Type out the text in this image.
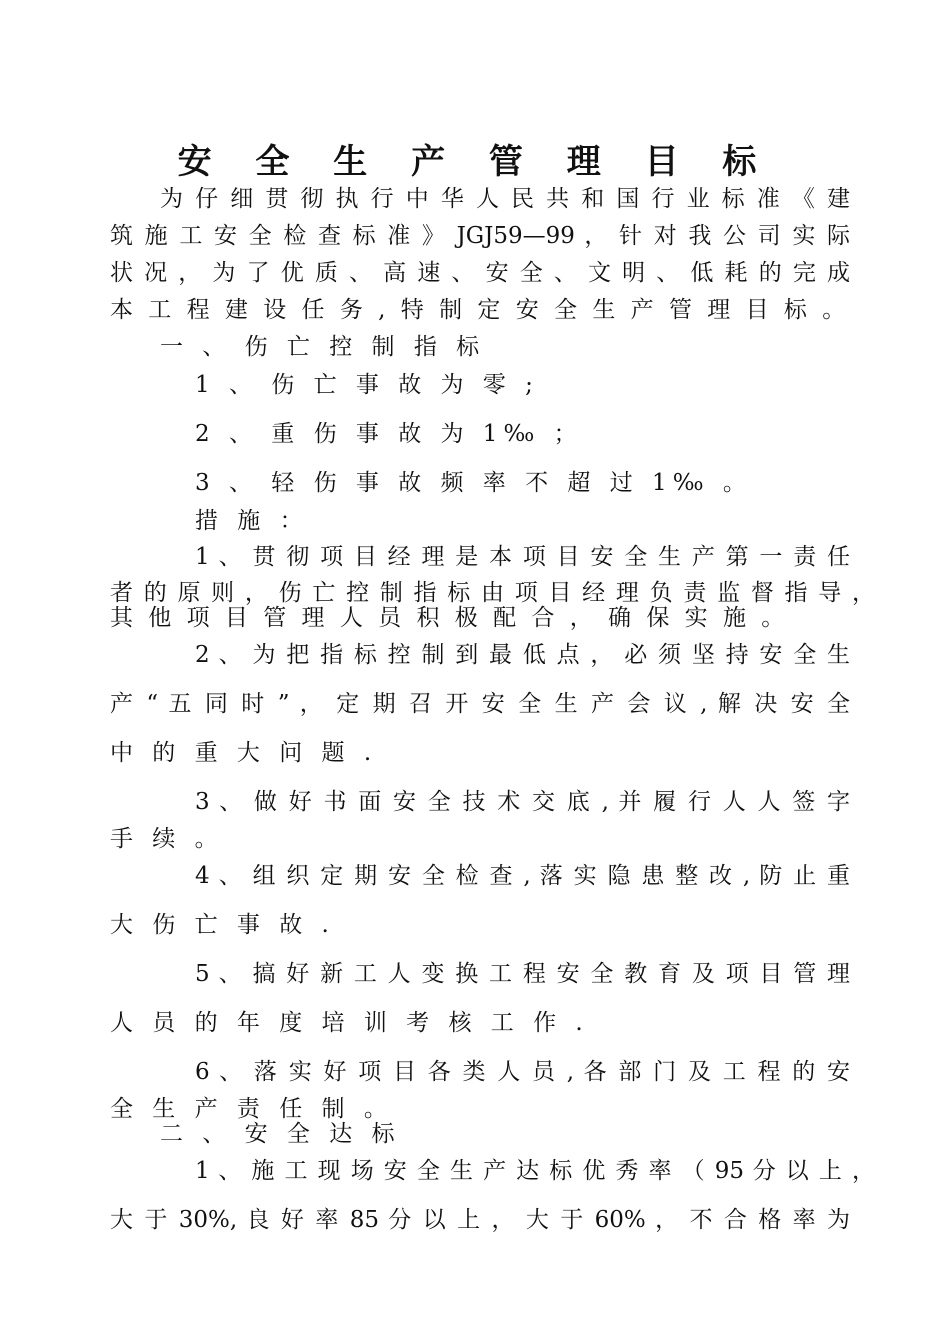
安 全 生 产 管 理 目 标
为 仔 细 贯 彻 执 行 中 华 人 民 共 和 国 行 业 标 准 《 建
筑 施 工 安 全 检 查 标 准 》 JGJ59—99 ， 针 对 我 公 司 实 际
状 况 ， 为 了 优 质 、 高 速 、 安 全 、 文 明 、 低 耗 的 完 成
本 工 程 建 设 任 务 , 特 制 定 安 全 生 产 管 理 目 标 。
一 、 伤 亡 控 制 指 标
1 、 伤 亡 事 故 为 零 ;
2 、 重 伤 事 故 为 1‰ ；
3 、 轻 伤 事 故 频 率 不 超 过 1‰ 。
措 施 ：
1 、 贯 彻 项 目 经 理 是 本 项 目 安 全 生 产 第 一 责 任
者 的 原 则 ， 伤 亡 控 制 指 标 由 项 目 经 理 负 责 监 督 指 导 ，
其 他 项 目 管 理 人 员 积 极 配 合 ， 确 保 实 施 。
2 、 为 把 指 标 控 制 到 最 低 点 ， 必 须 坚 持 安 全 生
产 “ 五 同 时 ” ， 定 期 召 开 安 全 生 产 会 议 , 解 决 安 全
中 的 重 大 问 题 .
3 、 做 好 书 面 安 全 技 术 交 底 , 并 履 行 人 人 签 字
手 续 。
4 、 组 织 定 期 安 全 检 查 , 落 实 隐 患 整 改 , 防 止 重
大 伤 亡 事 故 .
5 、 搞 好 新 工 人 变 换 工 程 安 全 教 育 及 项 目 管 理
人 员 的 年 度 培 训 考 核 工 作 .
6 、 落 实 好 项 目 各 类 人 员 , 各 部 门 及 工 程 的 安
全 生 产 责 任 制 。
二 、 安 全 达 标
1 、 施 工 现 场 安 全 生 产 达 标 优 秀 率 （ 95 分 以 上 ，
大 于 30%, 良 好 率 85 分 以 上 ， 大 于 60% ， 不 合 格 率 为
